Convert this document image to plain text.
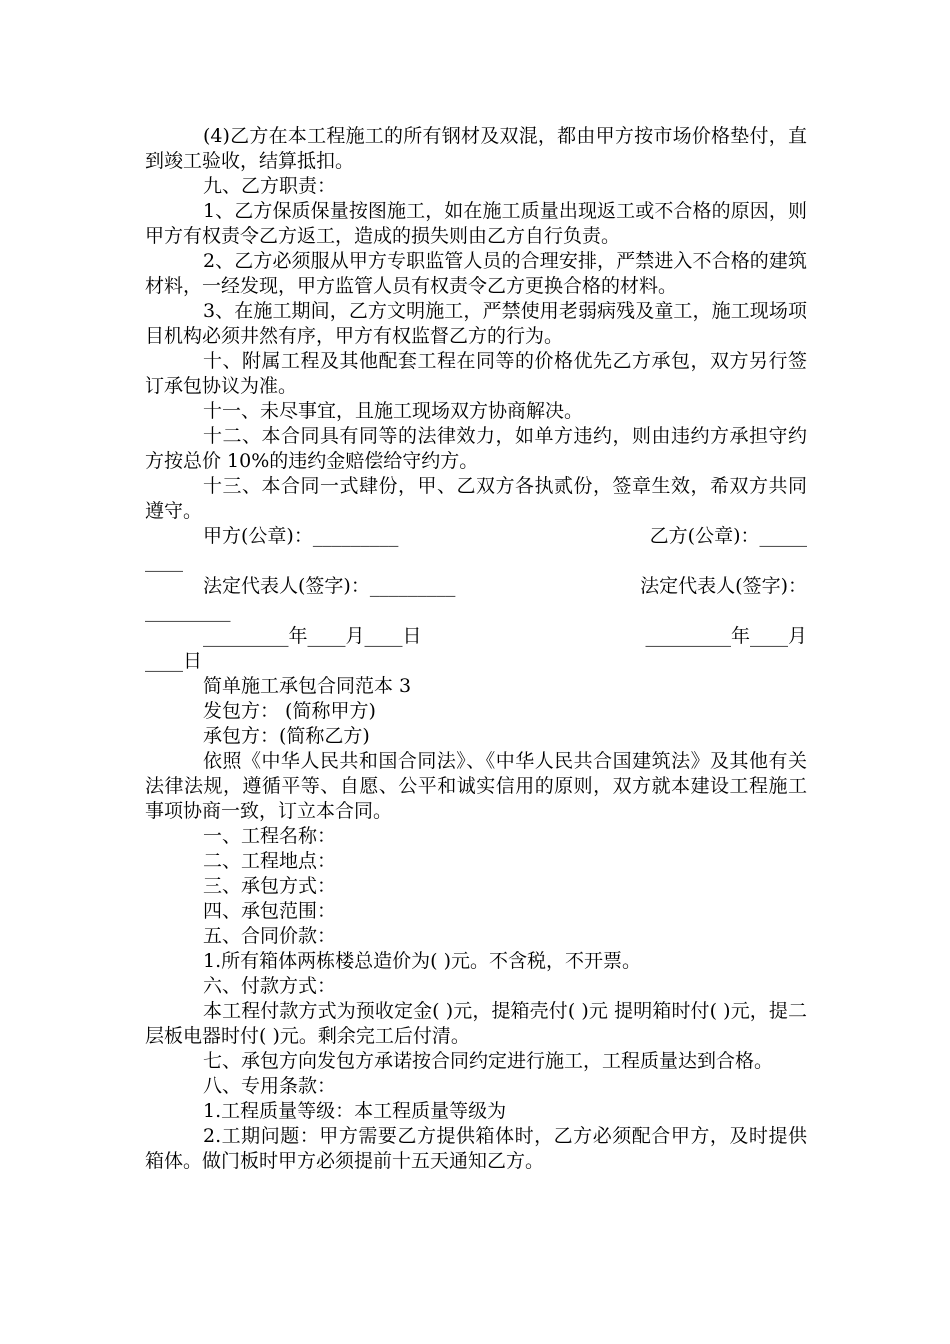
(4)乙方在本工程施工的所有钢材及双混，都由甲方按市场价格垫付，直到竣工验收，结算抵扣。

九、乙方职责：

1、乙方保质保量按图施工，如在施工质量出现返工或不合格的原因，则甲方有权责令乙方返工，造成的损失则由乙方自行负责。

2、乙方必须服从甲方专职监管人员的合理安排，严禁进入不合格的建筑材料，一经发现，甲方监管人员有权责令乙方更换合格的材料。

3、在施工期间，乙方文明施工，严禁使用老弱病残及童工，施工现场项目机构必须井然有序，甲方有权监督乙方的行为。

十、附属工程及其他配套工程在同等的价格优先乙方承包，双方另行签订承包协议为准。

十一、未尽事宜，且施工现场双方协商解决。

十二、本合同具有同等的法律效力，如单方违约，则由违约方承担守约方按总价 10%的违约金赔偿给守约方。

十三、本合同一式肆份，甲、乙双方各执贰份，签章生效，希双方共同遵守。

甲方(公章)：_________	乙方(公章)：_____
____
法定代表人(签字)：_________	法定代表人(签字)：
_________
_________年____月____日	_________年____月
____日

简单施工承包合同范本 3

发包方： (简称甲方)

承包方：(简称乙方)

依照《中华人民共和国合同法》、《中华人民共合国建筑法》及其他有关法律法规，遵循平等、自愿、公平和诚实信用的原则，双方就本建设工程施工事项协商一致，订立本合同。

一、工程名称：

二、工程地点：

三、承包方式：

四、承包范围：

五、合同价款：

1.所有箱体两栋楼总造价为( )元。不含税，不开票。

六、付款方式：

本工程付款方式为预收定金( )元，提箱壳付( )元 提明箱时付( )元，提二层板电器时付( )元。剩余完工后付清。

七、承包方向发包方承诺按合同约定进行施工，工程质量达到合格。

八、专用条款：

1.工程质量等级：本工程质量等级为

2.工期问题：甲方需要乙方提供箱体时，乙方必须配合甲方，及时提供箱体。做门板时甲方必须提前十五天通知乙方。
